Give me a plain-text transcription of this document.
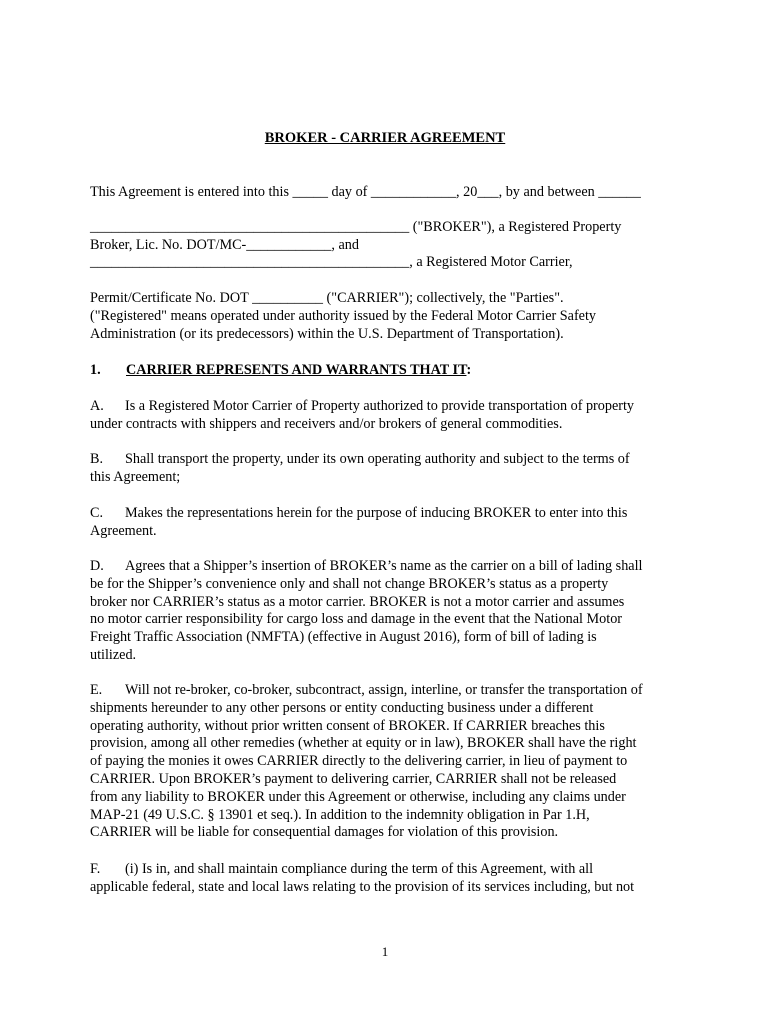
BROKER - CARRIER AGREEMENT
This Agreement is entered into this _____ day of ____________, 20___, by and between ______
_____________________________________________ ("BROKER"), a Registered Property
Broker, Lic. No. DOT/MC-____________, and
_____________________________________________, a Registered Motor Carrier,
Permit/Certificate No. DOT __________ ("CARRIER"); collectively, the "Parties".
("Registered" means operated under authority issued by the Federal Motor Carrier Safety
Administration (or its predecessors) within the U.S. Department of Transportation).
1. CARRIER REPRESENTS AND WARRANTS THAT IT:
A. Is a Registered Motor Carrier of Property authorized to provide transportation of property
under contracts with shippers and receivers and/or brokers of general commodities.
B. Shall transport the property, under its own operating authority and subject to the terms of
this Agreement;
C. Makes the representations herein for the purpose of inducing BROKER to enter into this
Agreement.
D. Agrees that a Shipper’s insertion of BROKER’s name as the carrier on a bill of lading shall
be for the Shipper’s convenience only and shall not change BROKER’s status as a property
broker nor CARRIER’s status as a motor carrier. BROKER is not a motor carrier and assumes
no motor carrier responsibility for cargo loss and damage in the event that the National Motor
Freight Traffic Association (NMFTA) (effective in August 2016), form of bill of lading is
utilized.
E. Will not re-broker, co-broker, subcontract, assign, interline, or transfer the transportation of
shipments hereunder to any other persons or entity conducting business under a different
operating authority, without prior written consent of BROKER. If CARRIER breaches this
provision, among all other remedies (whether at equity or in law), BROKER shall have the right
of paying the monies it owes CARRIER directly to the delivering carrier, in lieu of payment to
CARRIER. Upon BROKER’s payment to delivering carrier, CARRIER shall not be released
from any liability to BROKER under this Agreement or otherwise, including any claims under
MAP-21 (49 U.S.C. § 13901 et seq.). In addition to the indemnity obligation in Par 1.H,
CARRIER will be liable for consequential damages for violation of this provision.
F. (i) Is in, and shall maintain compliance during the term of this Agreement, with all
applicable federal, state and local laws relating to the provision of its services including, but not
1
